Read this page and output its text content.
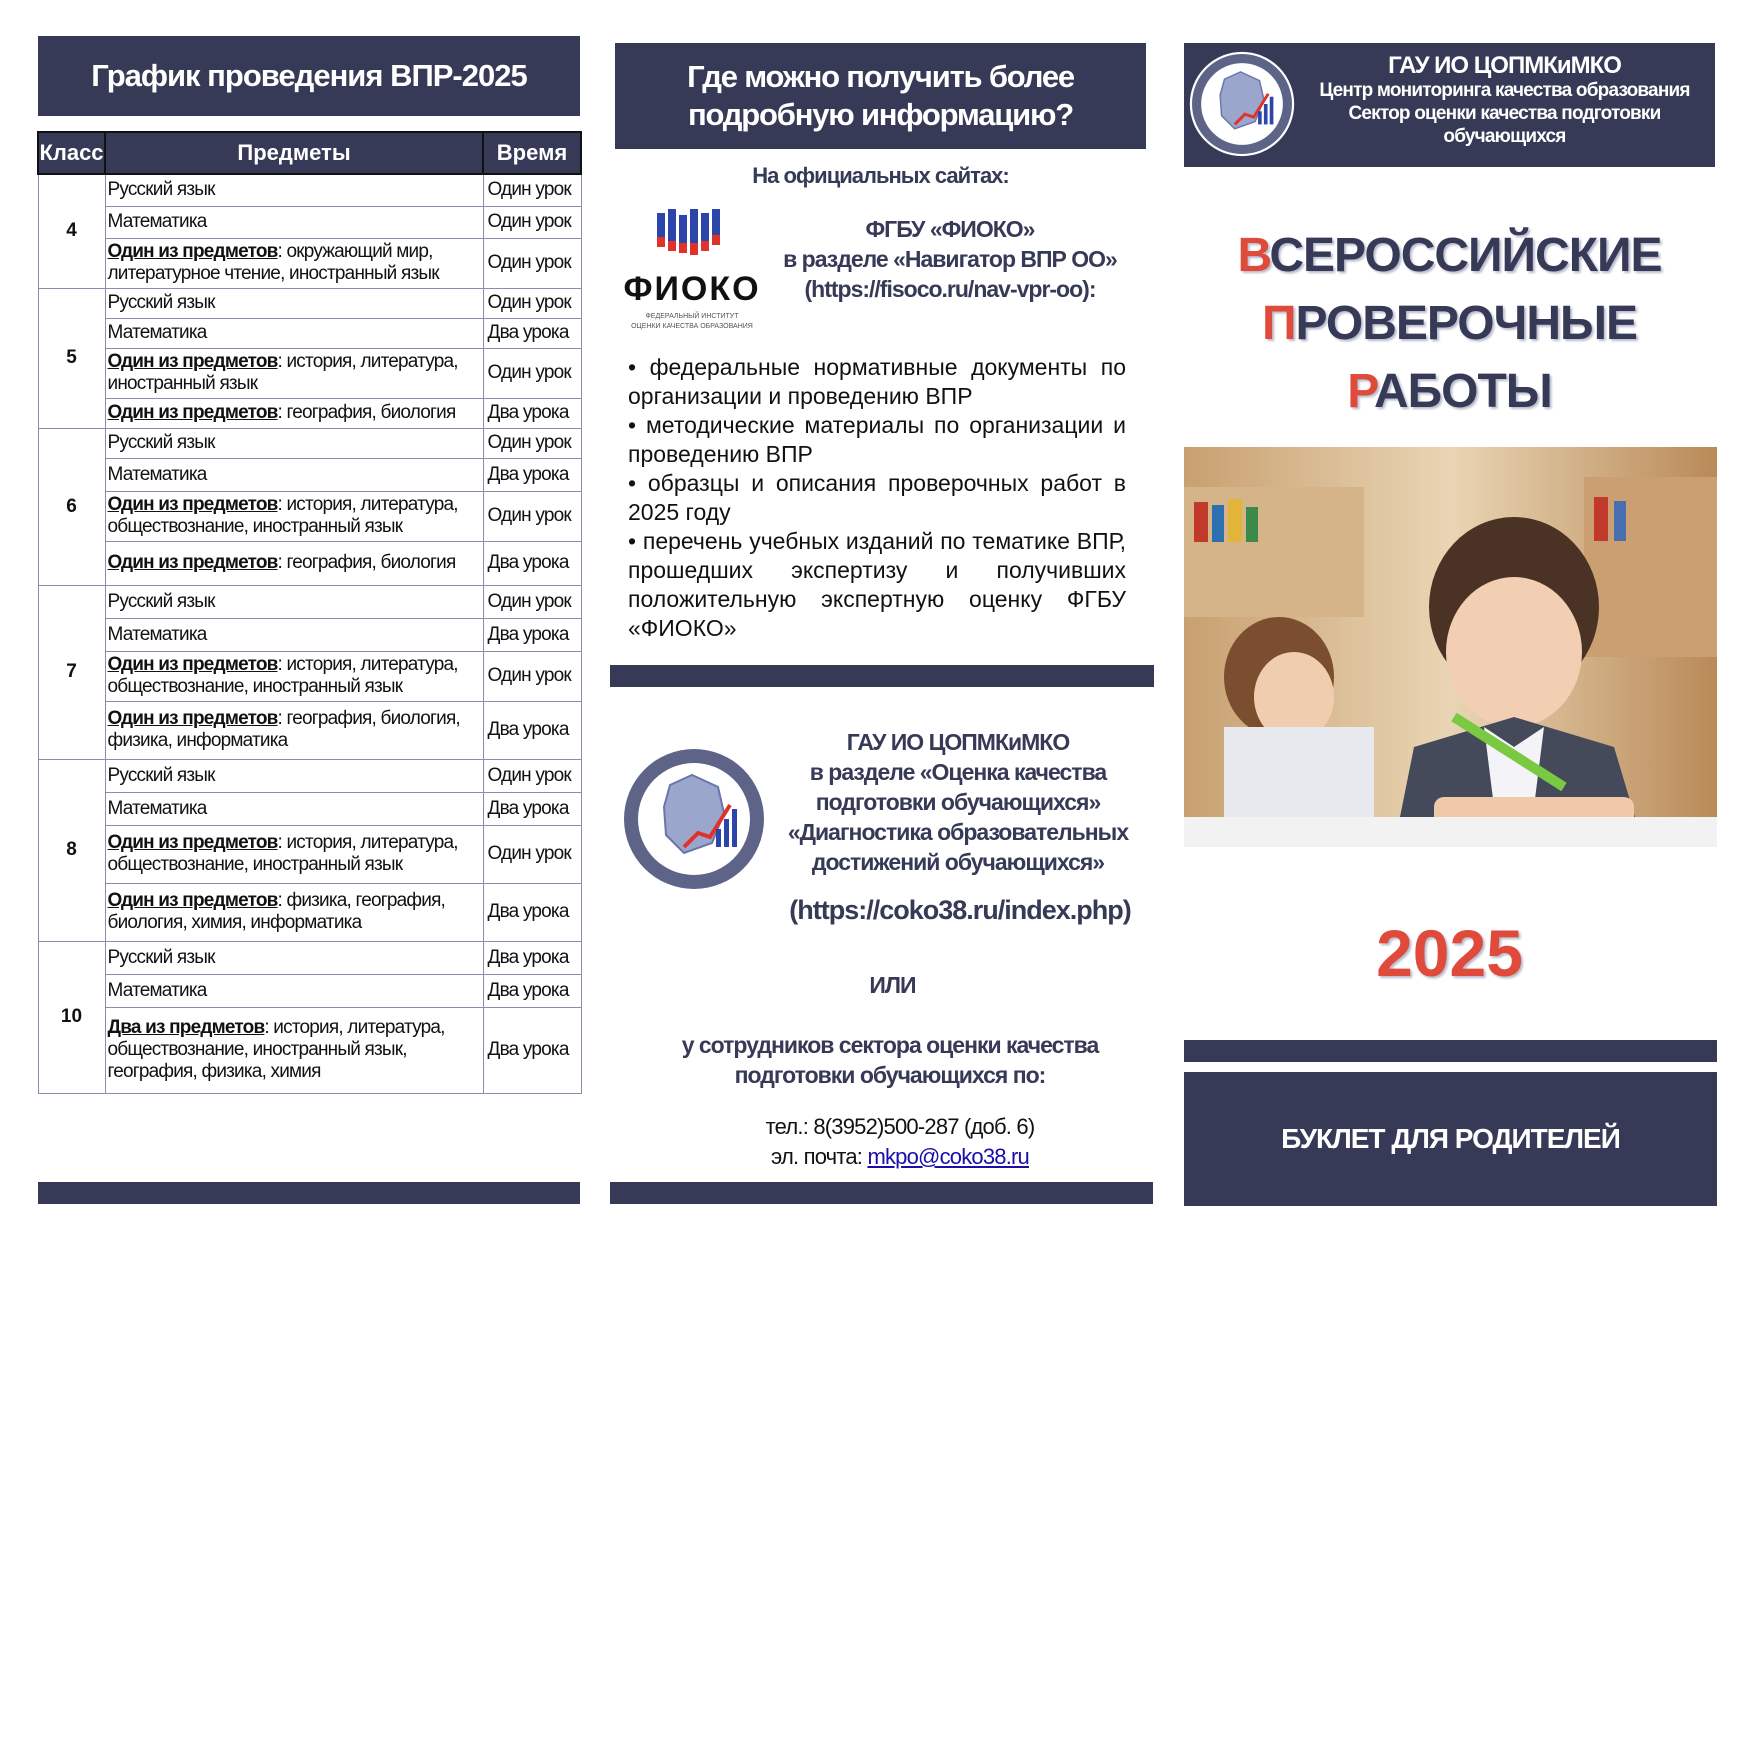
График проведения ВПР-2025
Класс	Предметы	Время
4	Русский язык	Один урок
	Математика	Один урок
	Один из предметов: окружающий мир, литературное чтение, иностранный язык	Один урок
5	Русский язык	Один урок
	Математика	Два урока
	Один из предметов: история, литература, иностранный язык	Один урок
	Один из предметов: география, биология	Два урока
6	Русский язык	Один урок
	Математика	Два урока
	Один из предметов: история, литература, обществознание, иностранный язык	Один урок
	Один из предметов: география, биология	Два урока
7	Русский язык	Один урок
	Математика	Два урока
	Один из предметов: история, литература, обществознание, иностранный язык	Один урок
	Один из предметов: география, биология, физика, информатика	Два урока
8	Русский язык	Один урок
	Математика	Два урока
	Один из предметов: история, литература, обществознание, иностранный язык	Один урок
	Один из предметов: физика, география, биология, химия, информатика	Два урока
10	Русский язык	Два урока
	Математика	Два урока
	Два из предметов: история, литература, обществознание, иностранный язык, география, физика, химия	Два урока
Где можно получить более
подробную информацию?
На официальных сайтах:
ФИОКО
ФЕДЕРАЛЬНЫЙ ИНСТИТУТ
ОЦЕНКИ КАЧЕСТВА ОБРАЗОВАНИЯ
ФГБУ «ФИОКО»
в разделе «Навигатор ВПР ОО»
(https://fisoco.ru/nav-vpr-oo):
• федеральные нормативные документы по организации и проведению ВПР
• методические материалы по организации и проведению ВПР
• образцы и описания проверочных работ в 2025 году
• перечень учебных изданий по тематике ВПР, прошедших экспертизу и получивших положительную экспертную оценку ФГБУ «ФИОКО»
ГАУ ИО ЦОПМКиМКО
в разделе «Оценка качества
подготовки обучающихся»
«Диагностика образовательных
достижений обучающихся»
(https://coko38.ru/index.php)
ИЛИ
у сотрудников сектора оценки качества
подготовки обучающихся по:
тел.: 8(3952)500-287 (доб. 6)
эл. почта: mkpo@coko38.ru
ГАУ ИО ЦОПМКиМКО
Центр мониторинга качества образования
Сектор оценки качества подготовки
обучающихся
ВСЕРОССИЙСКИЕ
ПРОВЕРОЧНЫЕ
РАБОТЫ
2025
БУКЛЕТ ДЛЯ РОДИТЕЛЕЙ
